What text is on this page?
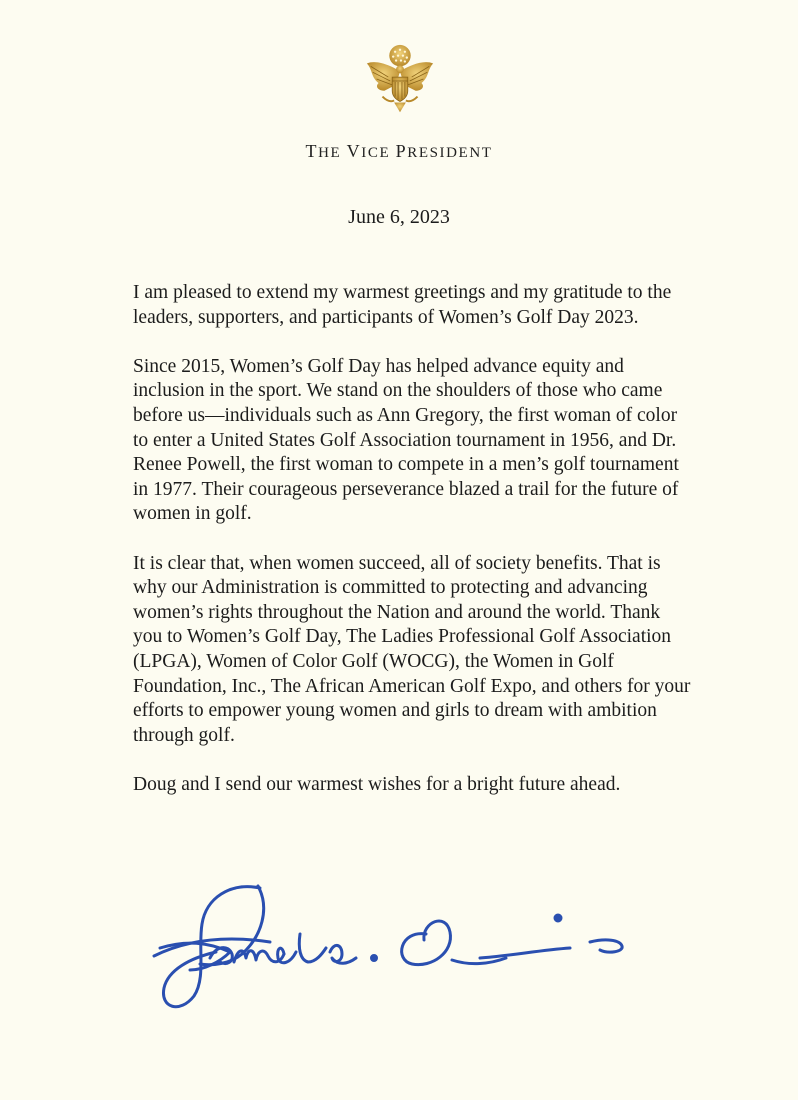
THE VICE PRESIDENT
June 6, 2023

I am pleased to extend my warmest greetings and my gratitude to the leaders, supporters, and participants of Women’s Golf Day 2023.

Since 2015, Women’s Golf Day has helped advance equity and inclusion in the sport. We stand on the shoulders of those who came before us—individuals such as Ann Gregory, the first woman of color to enter a United States Golf Association tournament in 1956, and Dr. Renee Powell, the first woman to compete in a men’s golf tournament in 1977. Their courageous perseverance blazed a trail for the future of women in golf.

It is clear that, when women succeed, all of society benefits. That is why our Administration is committed to protecting and advancing women’s rights throughout the Nation and around the world. Thank you to Women’s Golf Day, The Ladies Professional Golf Association (LPGA), Women of Color Golf (WOCG), the Women in Golf Foundation, Inc., The African American Golf Expo, and others for your efforts to empower young women and girls to dream with ambition through golf.

Doug and I send our warmest wishes for a bright future ahead.
